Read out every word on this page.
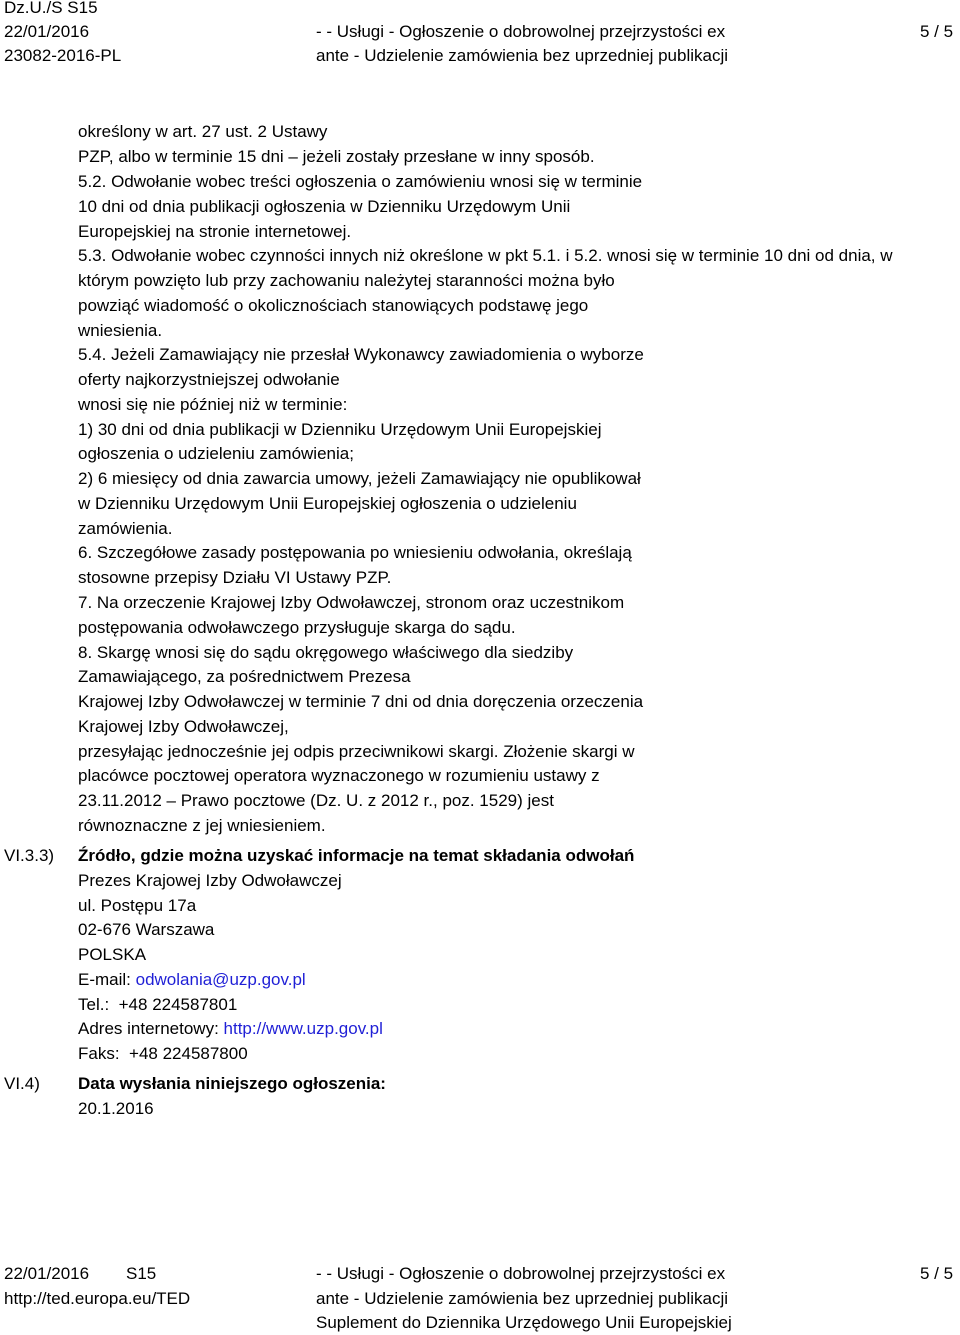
Dz.U./S S15
22/01/2016
23082-2016-PL
- - Usługi - Ogłoszenie o dobrowolnej przejrzystości ex
ante - Udzielenie zamówienia bez uprzedniej publikacji
5 / 5
określony w art. 27 ust. 2 Ustawy
PZP, albo w terminie 15 dni – jeżeli zostały przesłane w inny sposób.
5.2. Odwołanie wobec treści ogłoszenia o zamówieniu wnosi się w terminie
10 dni od dnia publikacji ogłoszenia w Dzienniku Urzędowym Unii
Europejskiej na stronie internetowej.
5.3. Odwołanie wobec czynności innych niż określone w pkt 5.1. i 5.2. wnosi się w terminie 10 dni od dnia, w
którym powzięto lub przy zachowaniu należytej staranności można było
powziąć wiadomość o okolicznościach stanowiących podstawę jego
wniesienia.
5.4. Jeżeli Zamawiający nie przesłał Wykonawcy zawiadomienia o wyborze
oferty najkorzystniejszej odwołanie
wnosi się nie później niż w terminie:
1) 30 dni od dnia publikacji w Dzienniku Urzędowym Unii Europejskiej
ogłoszenia o udzieleniu zamówienia;
2) 6 miesięcy od dnia zawarcia umowy, jeżeli Zamawiający nie opublikował
w Dzienniku Urzędowym Unii Europejskiej ogłoszenia o udzieleniu
zamówienia.
6. Szczegółowe zasady postępowania po wniesieniu odwołania, określają
stosowne przepisy Działu VI Ustawy PZP.
7. Na orzeczenie Krajowej Izby Odwoławczej, stronom oraz uczestnikom
postępowania odwoławczego przysługuje skarga do sądu.
8. Skargę wnosi się do sądu okręgowego właściwego dla siedziby
Zamawiającego, za pośrednictwem Prezesa
Krajowej Izby Odwoławczej w terminie 7 dni od dnia doręczenia orzeczenia
Krajowej Izby Odwoławczej,
przesyłając jednocześnie jej odpis przeciwnikowi skargi. Złożenie skargi w
placówce pocztowej operatora wyznaczonego w rozumieniu ustawy z
23.11.2012 – Prawo pocztowe (Dz. U. z 2012 r., poz. 1529) jest
równoznaczne z jej wniesieniem.
VI.3.3) Źródło, gdzie można uzyskać informacje na temat składania odwołań
Prezes Krajowej Izby Odwoławczej
ul. Postępu 17a
02-676 Warszawa
POLSKA
E-mail: odwolania@uzp.gov.pl
Tel.:  +48 224587801
Adres internetowy: http://www.uzp.gov.pl
Faks:  +48 224587800
VI.4) Data wysłania niniejszego ogłoszenia:
20.1.2016
22/01/2016 S15
http://ted.europa.eu/TED
- - Usługi - Ogłoszenie o dobrowolnej przejrzystości ex
ante - Udzielenie zamówienia bez uprzedniej publikacji
Suplement do Dziennika Urzędowego Unii Europejskiej
5 / 5
